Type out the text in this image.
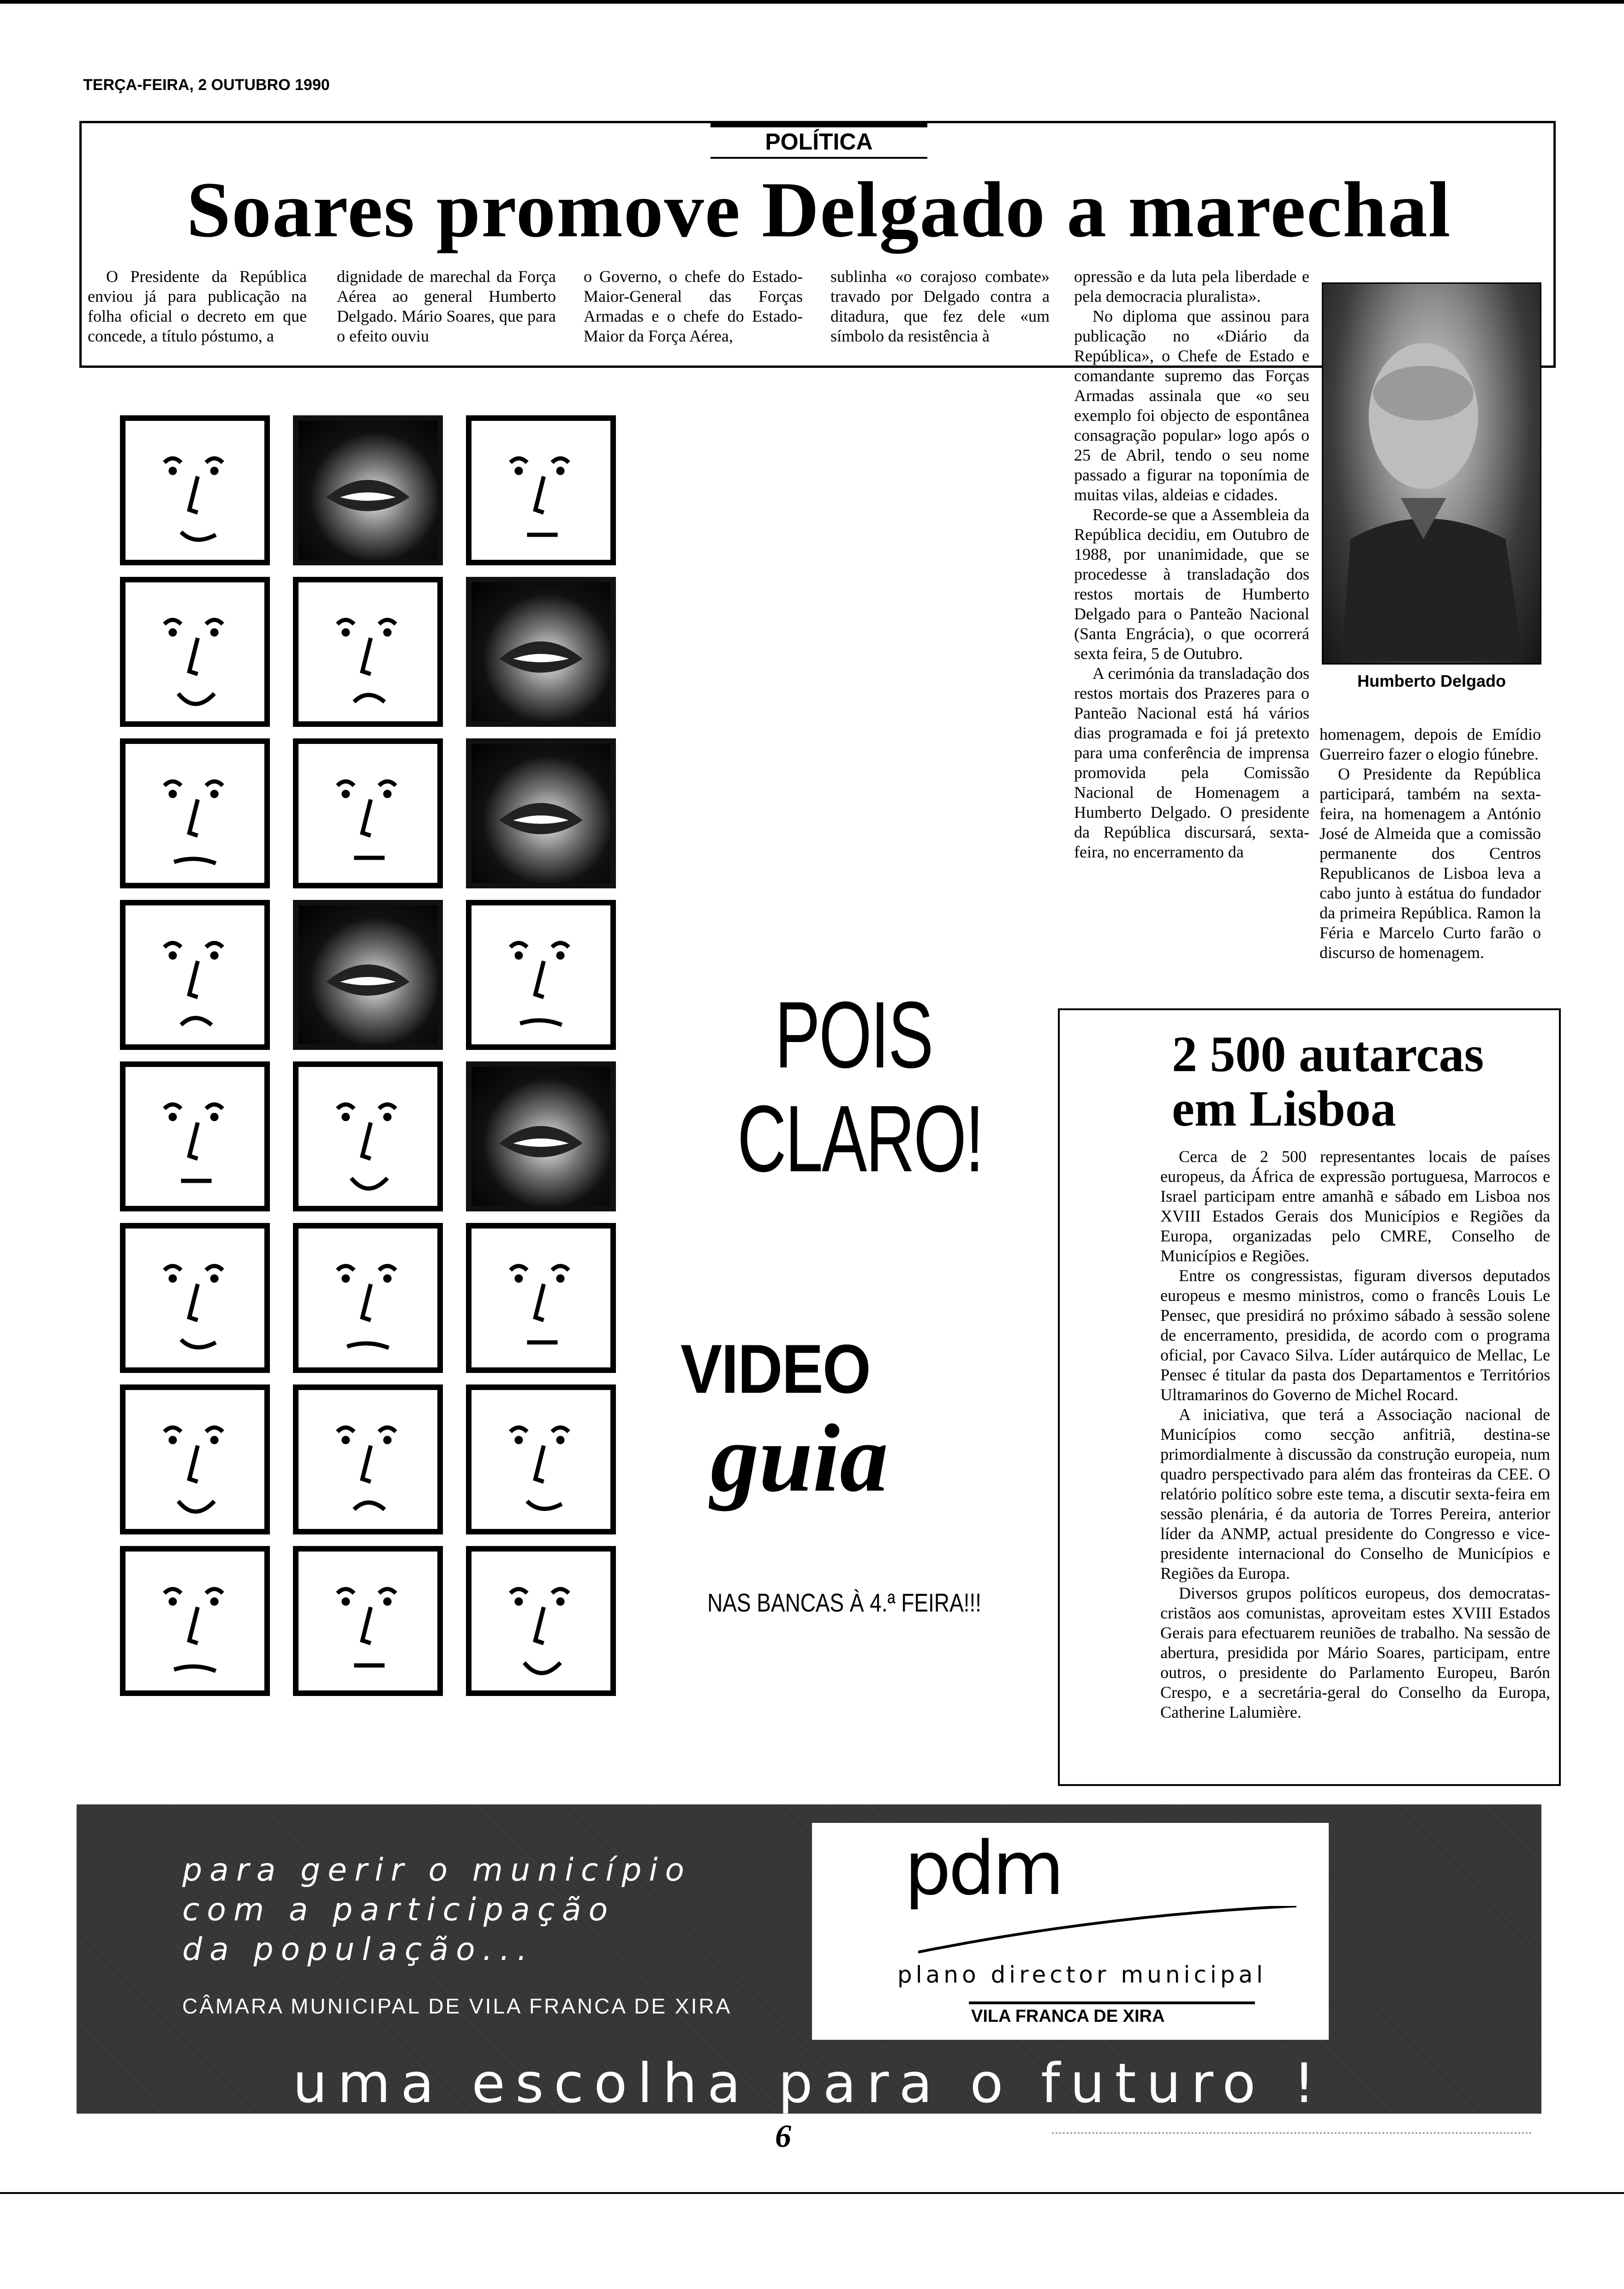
TERÇA-FEIRA, 2 OUTUBRO 1990
POLÍTICA
Soares promove Delgado a marechal

O Presidente da República enviou já para publicação na folha oficial o decreto em que concede, a título póstumo, a

dignidade de marechal da Força Aérea ao general Humberto Delgado. Mário Soares, que para o efeito ouviu

o Governo, o chefe do Estado-Maior-General das Forças Armadas e o chefe do Estado-Maior da Força Aérea,

sublinha «o corajoso combate» travado por Delgado contra a ditadura, que fez dele «um símbolo da resistência à

opressão e da luta pela liberdade e pela democracia pluralista».

No diploma que assinou para publicação no «Diário da República», o Chefe de Estado e comandante supremo das Forças Armadas assinala que «o seu exemplo foi objecto de espontânea consagração popular» logo após o 25 de Abril, tendo o seu nome passado a figurar na toponímia de muitas vilas, aldeias e cidades.

Recorde-se que a Assembleia da República decidiu, em Outubro de 1988, por unanimidade, que se procedesse à transladação dos restos mortais de Humberto Delgado para o Panteão Nacional (Santa Engrácia), o que ocorrerá sexta feira, 5 de Outubro.

A cerimónia da transladação dos restos mortais dos Prazeres para o Panteão Nacional está há vários dias programada e foi já pretexto para uma conferência de imprensa promovida pela Comissão Nacional de Homenagem a Humberto Delgado. O presidente da República discursará, sexta-feira, no encerramento da

Humberto Delgado

homenagem, depois de Emídio Guerreiro fazer o elogio fúnebre.

O Presidente da República participará, também na sexta-feira, na homenagem a António José de Almeida que a comissão permanente dos Centros Republicanos de Lisboa leva a cabo junto à estátua do fundador da primeira República. Ramon la Féria e Marcelo Curto farão o discurso de homenagem.

2 500 autarcas em Lisboa

Cerca de 2 500 representantes locais de países europeus, da África de expressão portuguesa, Marrocos e Israel participam entre amanhã e sábado em Lisboa nos XVIII Estados Gerais dos Municípios e Regiões da Europa, organizadas pelo CMRE, Conselho de Municípios e Regiões.

Entre os congressistas, figuram diversos deputados europeus e mesmo ministros, como o francês Louis Le Pensec, que presidirá no próximo sábado à sessão solene de encerramento, presidida, de acordo com o programa oficial, por Cavaco Silva. Líder autárquico de Mellac, Le Pensec é titular da pasta dos Departamentos e Territórios Ultramarinos do Governo de Michel Rocard.

A iniciativa, que terá a Associação nacional de Municípios como secção anfitriã, destina-se primordialmente à discussão da construção europeia, num quadro perspectivado para além das fronteiras da CEE. O relatório político sobre este tema, a discutir sexta-feira em sessão plenária, é da autoria de Torres Pereira, anterior líder da ANMP, actual presidente do Congresso e vice-presidente internacional do Conselho de Municípios e Regiões da Europa.

Diversos grupos políticos europeus, dos democratas-cristãos aos comunistas, aproveitam estes XVIII Estados Gerais para efectuarem reuniões de trabalho. Na sessão de abertura, presidida por Mário Soares, participam, entre outros, o presidente do Parlamento Europeu, Barón Crespo, e a secretária-geral do Conselho da Europa, Catherine Lalumière.

POIS
CLARO!
VIDEO
guia
NAS BANCAS À 4.ª FEIRA!!!
para gerir o município
com a participação
da população...
CÂMARA MUNICIPAL DE VILA FRANCA DE XIRA
pdm
plano director municipal
VILA FRANCA DE XIRA
uma escolha para o futuro !
6
